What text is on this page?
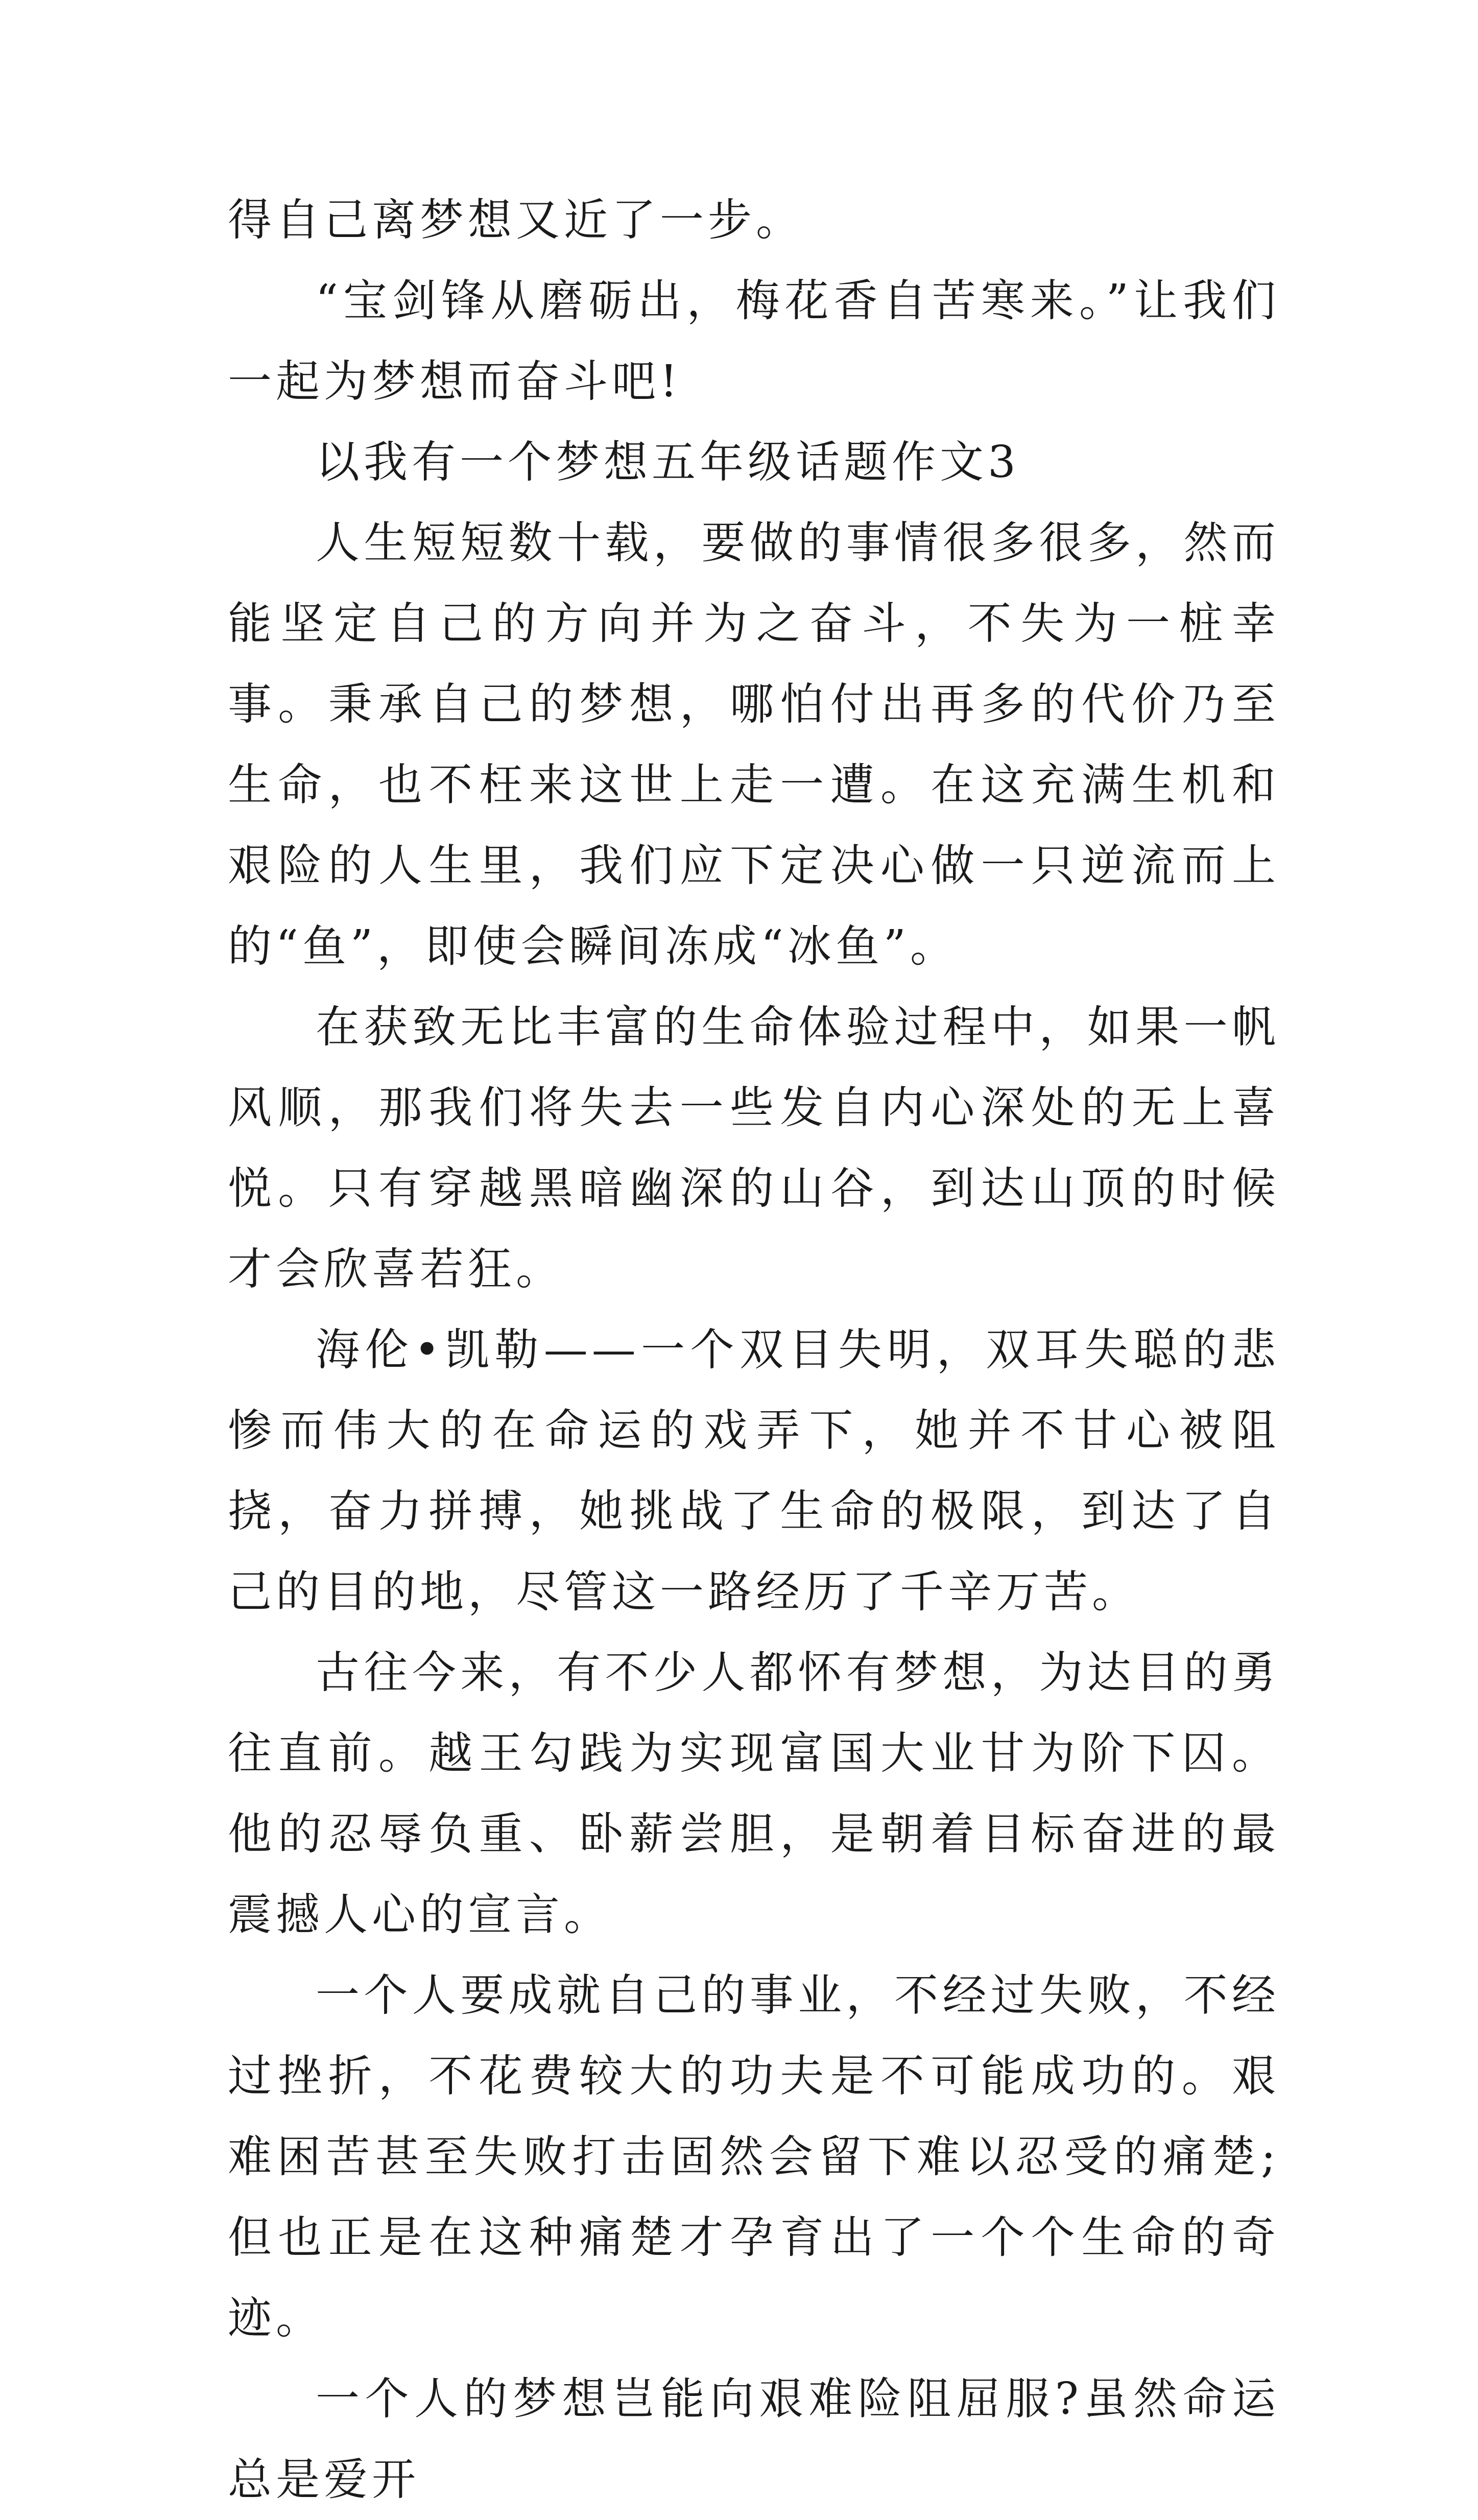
得自己离梦想又近了一步。

“宝剑锋从磨砺出，梅花香自苦寒来。”让我们一起为梦想而奋斗吧!

以我有一个梦想五年级话题作文3

人生短短数十载，要做的事情很多很多，然而能坚定自己的方向并为之奋斗，不失为一桩幸事。秉承自己的梦想，哪怕付出再多的代价乃至生命，也不枉来这世上走一遭。在这充满生机和艰险的人生里，我们应下定决心做一只逆流而上的“鱼”，即使会瞬间冻成“冰鱼”。

在获致无比丰富的生命体验过程中，如果一帆风顺，那我们将失去一些发自内心深处的无上喜悦。只有穿越黑暗幽深的山谷，到达山顶的时候才会欣喜若狂。

海伦•凯勒——一个双目失明，双耳失聪的悲惨而伟大的在命运的戏弄下，她并不甘心被阻挠，奋力拼搏，她挑战了生命的极限，到达了自己的目的地，尽管这一路经历了千辛万苦。

古往今来，有不少人都怀有梦想，为达目的勇往直前。越王勾践为实现富国大业甘为阶下囚。他的忍辱负重、卧薪尝胆，是朝着目标奋进的最震撼人心的宣言。

一个人要成就自己的事业，不经过失败，不经过挫折，不花费较大的功夫是不可能成功的。艰难困苦甚至失败打击固然会留下难以忍受的痛楚;但也正是在这种痛楚才孕育出了一个个生命的奇迹。

一个人的梦想岂能向艰难险阻屈服?虽然命运总是爱开
